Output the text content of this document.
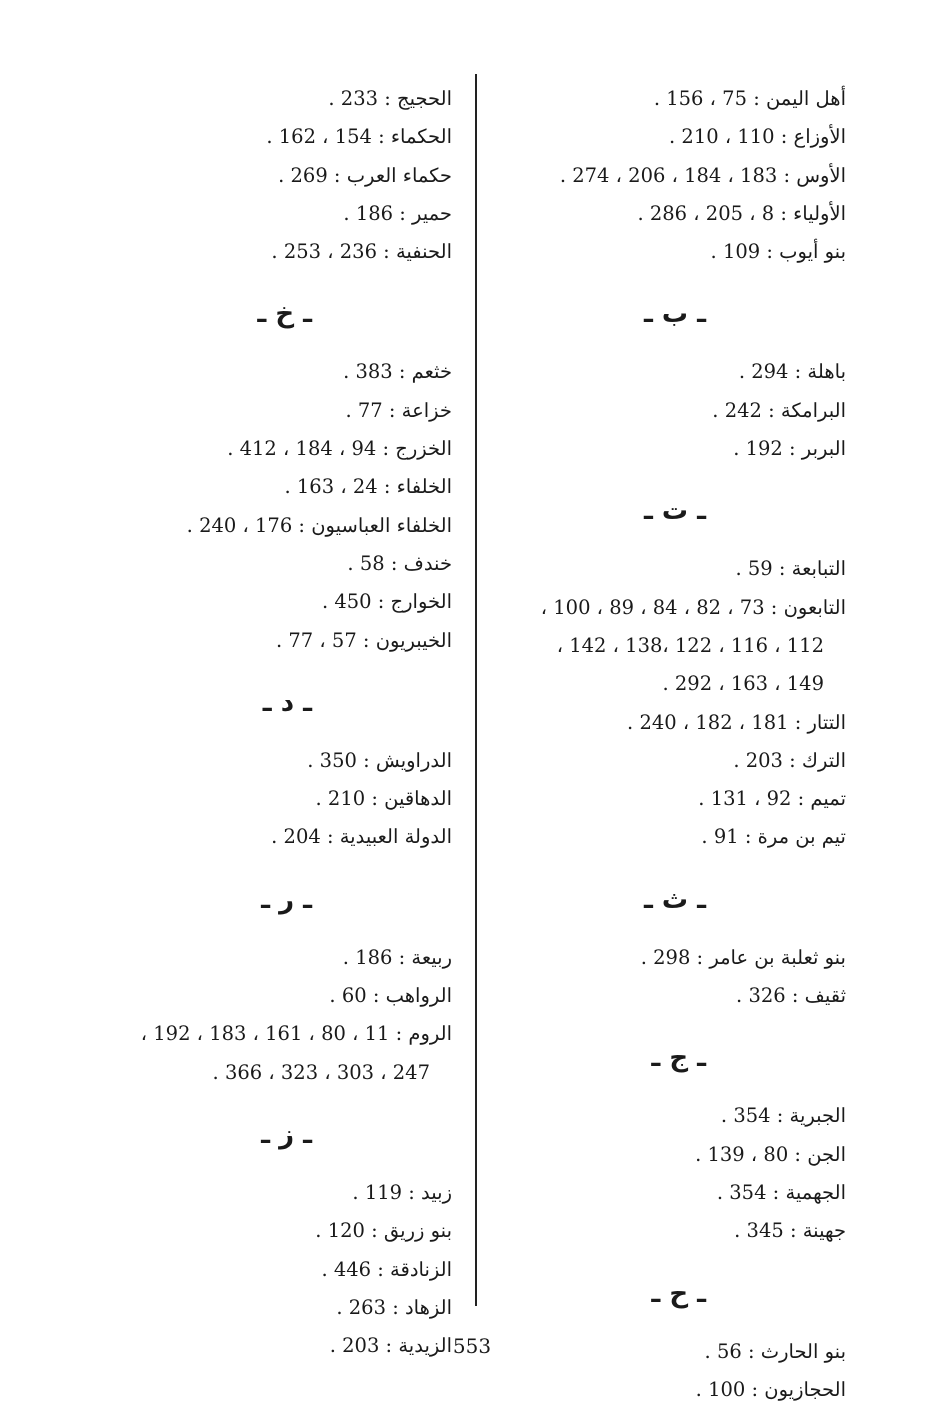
أهل اليمن : 75 ، 156 .
الأوزاع : 110 ، 210 .
الأوس : 183 ، 184 ، 206 ، 274 .
الأولياء : 8 ، 205 ، 286 .
بنو أيوب : 109 .
ـ ب ـ
باهلة : 294 .
البرامكة : 242 .
البربر : 192 .
ـ ت ـ
التبابعة : 59 .
التابعون : 73 ، 82 ، 84 ، 89 ، 100 ،
112 ، 116 ، 122 ،138 ، 142 ،
149 ، 163 ، 292 .
التتار : 181 ، 182 ، 240 .
الترك : 203 .
تميم : 92 ، 131 .
تيم بن مرة : 91 .
ـ ث ـ
بنو ثعلبة بن عامر : 298 .
ثقيف : 326 .
ـ ج ـ
الجبرية : 354 .
الجن : 80 ، 139 .
الجهمية : 354 .
جهينة : 345 .
ـ ح ـ
بنو الحارث : 56 .
الحجازيون : 100 .
الحجيج : 233 .
الحكماء : 154 ، 162 .
حكماء العرب : 269 .
حمير : 186 .
الحنفية : 236 ، 253 .
ـ خ ـ
خثعم : 383 .
خزاعة : 77 .
الخزرج : 94 ، 184 ، 412 .
الخلفاء : 24 ، 163 .
الخلفاء العباسيون : 176 ، 240 .
خندف : 58 .
الخوارج : 450 .
الخيبريون : 57 ، 77 .
ـ د ـ
الدراويش : 350 .
الدهاقين : 210 .
الدولة العبيدية : 204 .
ـ ر ـ
ربيعة : 186 .
الرواهب : 60 .
الروم : 11 ، 80 ، 161 ، 183 ، 192 ،
247 ، 303 ، 323 ، 366 .
ـ ز ـ
زبيد : 119 .
بنو زريق : 120 .
الزنادقة : 446 .
الزهاد : 263 .
الزيدية : 203 . 553
